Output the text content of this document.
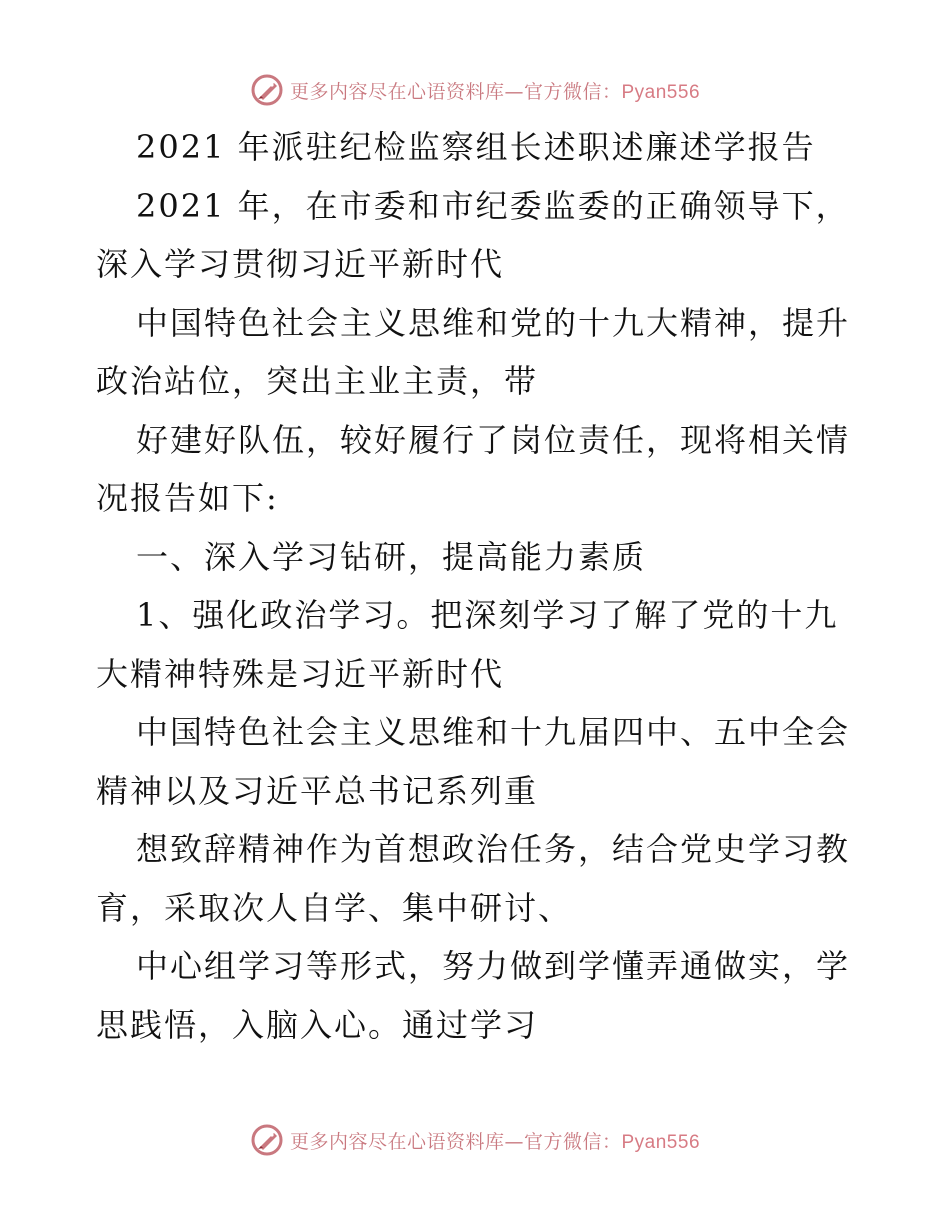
更多内容尽在心语资料库—官方微信：Pyan556
2021 年派驻纪检监察组长述职述廉述学报告
2021 年，在市委和市纪委监委的正确领导下，
深入学习贯彻习近平新时代
中国特色社会主义思维和党的十九大精神，提升
政治站位，突出主业主责，带
好建好队伍，较好履行了岗位责任，现将相关情
况报告如下:
一、深入学习钻研，提高能力素质
1、强化政治学习。把深刻学习了解了党的十九
大精神特殊是习近平新时代
中国特色社会主义思维和十九届四中、五中全会
精神以及习近平总书记系列重
想致辞精神作为首想政治任务，结合党史学习教
育，采取次人自学、集中研讨、
中心组学习等形式，努力做到学懂弄通做实，学
思践悟，入脑入心。通过学习
更多内容尽在心语资料库—官方微信：Pyan556
